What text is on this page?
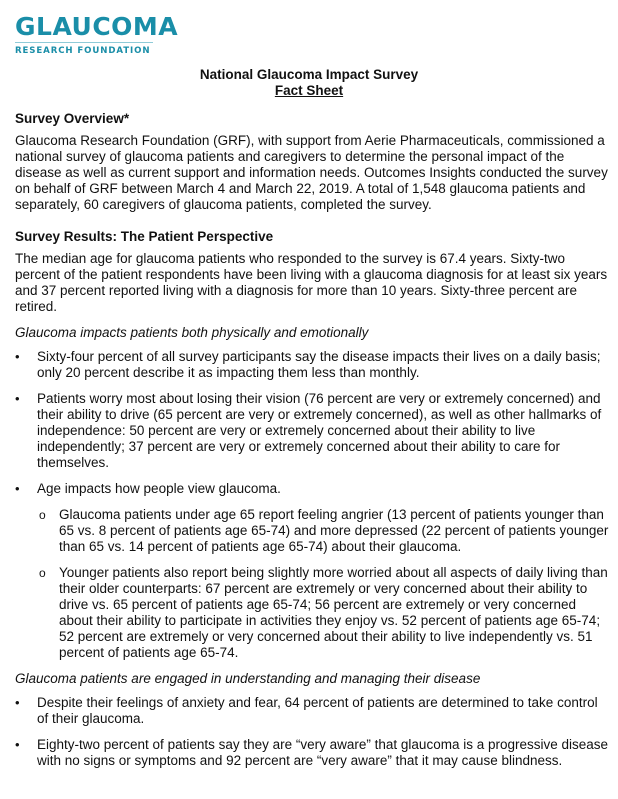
GLAUCOMA
RESEARCH FOUNDATION
National Glaucoma Impact Survey
Fact Sheet
Survey Overview*

Glaucoma Research Foundation (GRF), with support from Aerie Pharmaceuticals, commissioned a national survey of glaucoma patients and caregivers to determine the personal impact of the disease as well as current support and information needs. Outcomes Insights conducted the survey on behalf of GRF between March 4 and March 22, 2019. A total of 1,548 glaucoma patients and separately, 60 caregivers of glaucoma patients, completed the survey.

Survey Results: The Patient Perspective

The median age for glaucoma patients who responded to the survey is 67.4 years. Sixty-two percent of the patient respondents have been living with a glaucoma diagnosis for at least six years and 37 percent reported living with a diagnosis for more than 10 years. Sixty-three percent are retired.

Glaucoma impacts patients both physically and emotionally
• Sixty-four percent of all survey participants say the disease impacts their lives on a daily basis; only 20 percent describe it as impacting them less than monthly.
• Patients worry most about losing their vision (76 percent are very or extremely concerned) and their ability to drive (65 percent are very or extremely concerned), as well as other hallmarks of independence: 50 percent are very or extremely concerned about their ability to live independently; 37 percent are very or extremely concerned about their ability to care for themselves.
• Age impacts how people view glaucoma.
o Glaucoma patients under age 65 report feeling angrier (13 percent of patients younger than 65 vs. 8 percent of patients age 65-74) and more depressed (22 percent of patients younger than 65 vs. 14 percent of patients age 65-74) about their glaucoma.
o Younger patients also report being slightly more worried about all aspects of daily living than their older counterparts: 67 percent are extremely or very concerned about their ability to drive vs. 65 percent of patients age 65-74; 56 percent are extremely or very concerned about their ability to participate in activities they enjoy vs. 52 percent of patients age 65-74; 52 percent are extremely or very concerned about their ability to live independently vs. 51 percent of patients age 65-74.
Glaucoma patients are engaged in understanding and managing their disease
• Despite their feelings of anxiety and fear, 64 percent of patients are determined to take control of their glaucoma.
• Eighty-two percent of patients say they are “very aware” that glaucoma is a progressive disease with no signs or symptoms and 92 percent are “very aware” that it may cause blindness.
